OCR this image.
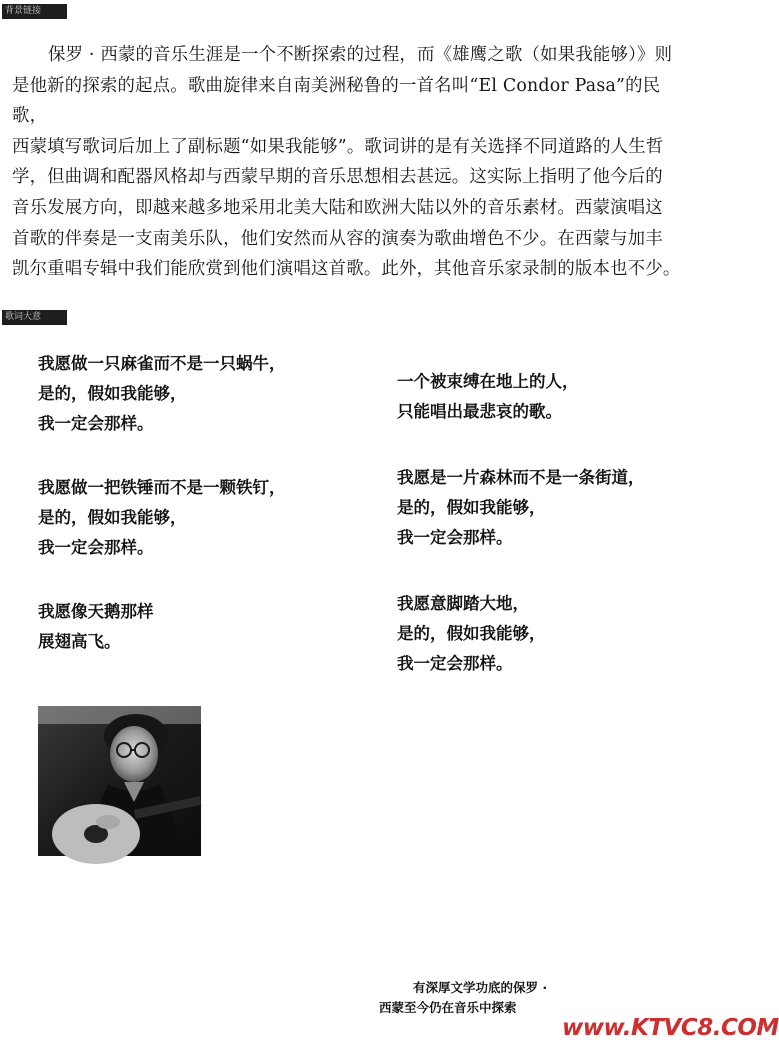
背景链接
保罗 · 西蒙的音乐生涯是一个不断探索的过程，而《雄鹰之歌（如果我能够）》则
是他新的探索的起点。歌曲旋律来自南美洲秘鲁的一首名叫“El Condor Pasa”的民歌，
西蒙填写歌词后加上了副标题“如果我能够”。歌词讲的是有关选择不同道路的人生哲
学，但曲调和配器风格却与西蒙早期的音乐思想相去甚远。这实际上指明了他今后的
音乐发展方向，即越来越多地采用北美大陆和欧洲大陆以外的音乐素材。西蒙演唱这
首歌的伴奏是一支南美乐队，他们安然而从容的演奏为歌曲增色不少。在西蒙与加丰
凯尔重唱专辑中我们能欣赏到他们演唱这首歌。此外，其他音乐家录制的版本也不少。
歌词大意
我愿做一只麻雀而不是一只蜗牛，
是的，假如我能够，
我一定会那样。
我愿做一把铁锤而不是一颗铁钉，
是的，假如我能够，
我一定会那样。
我愿像天鹅那样
展翅高飞。
一个被束缚在地上的人，
只能唱出最悲哀的歌。
我愿是一片森林而不是一条街道，
是的，假如我能够，
我一定会那样。
我愿意脚踏大地，
是的，假如我能够，
我一定会那样。
有深厚文学功底的保罗 ·
西蒙至今仍在音乐中探索
www.KTVC8.COM
